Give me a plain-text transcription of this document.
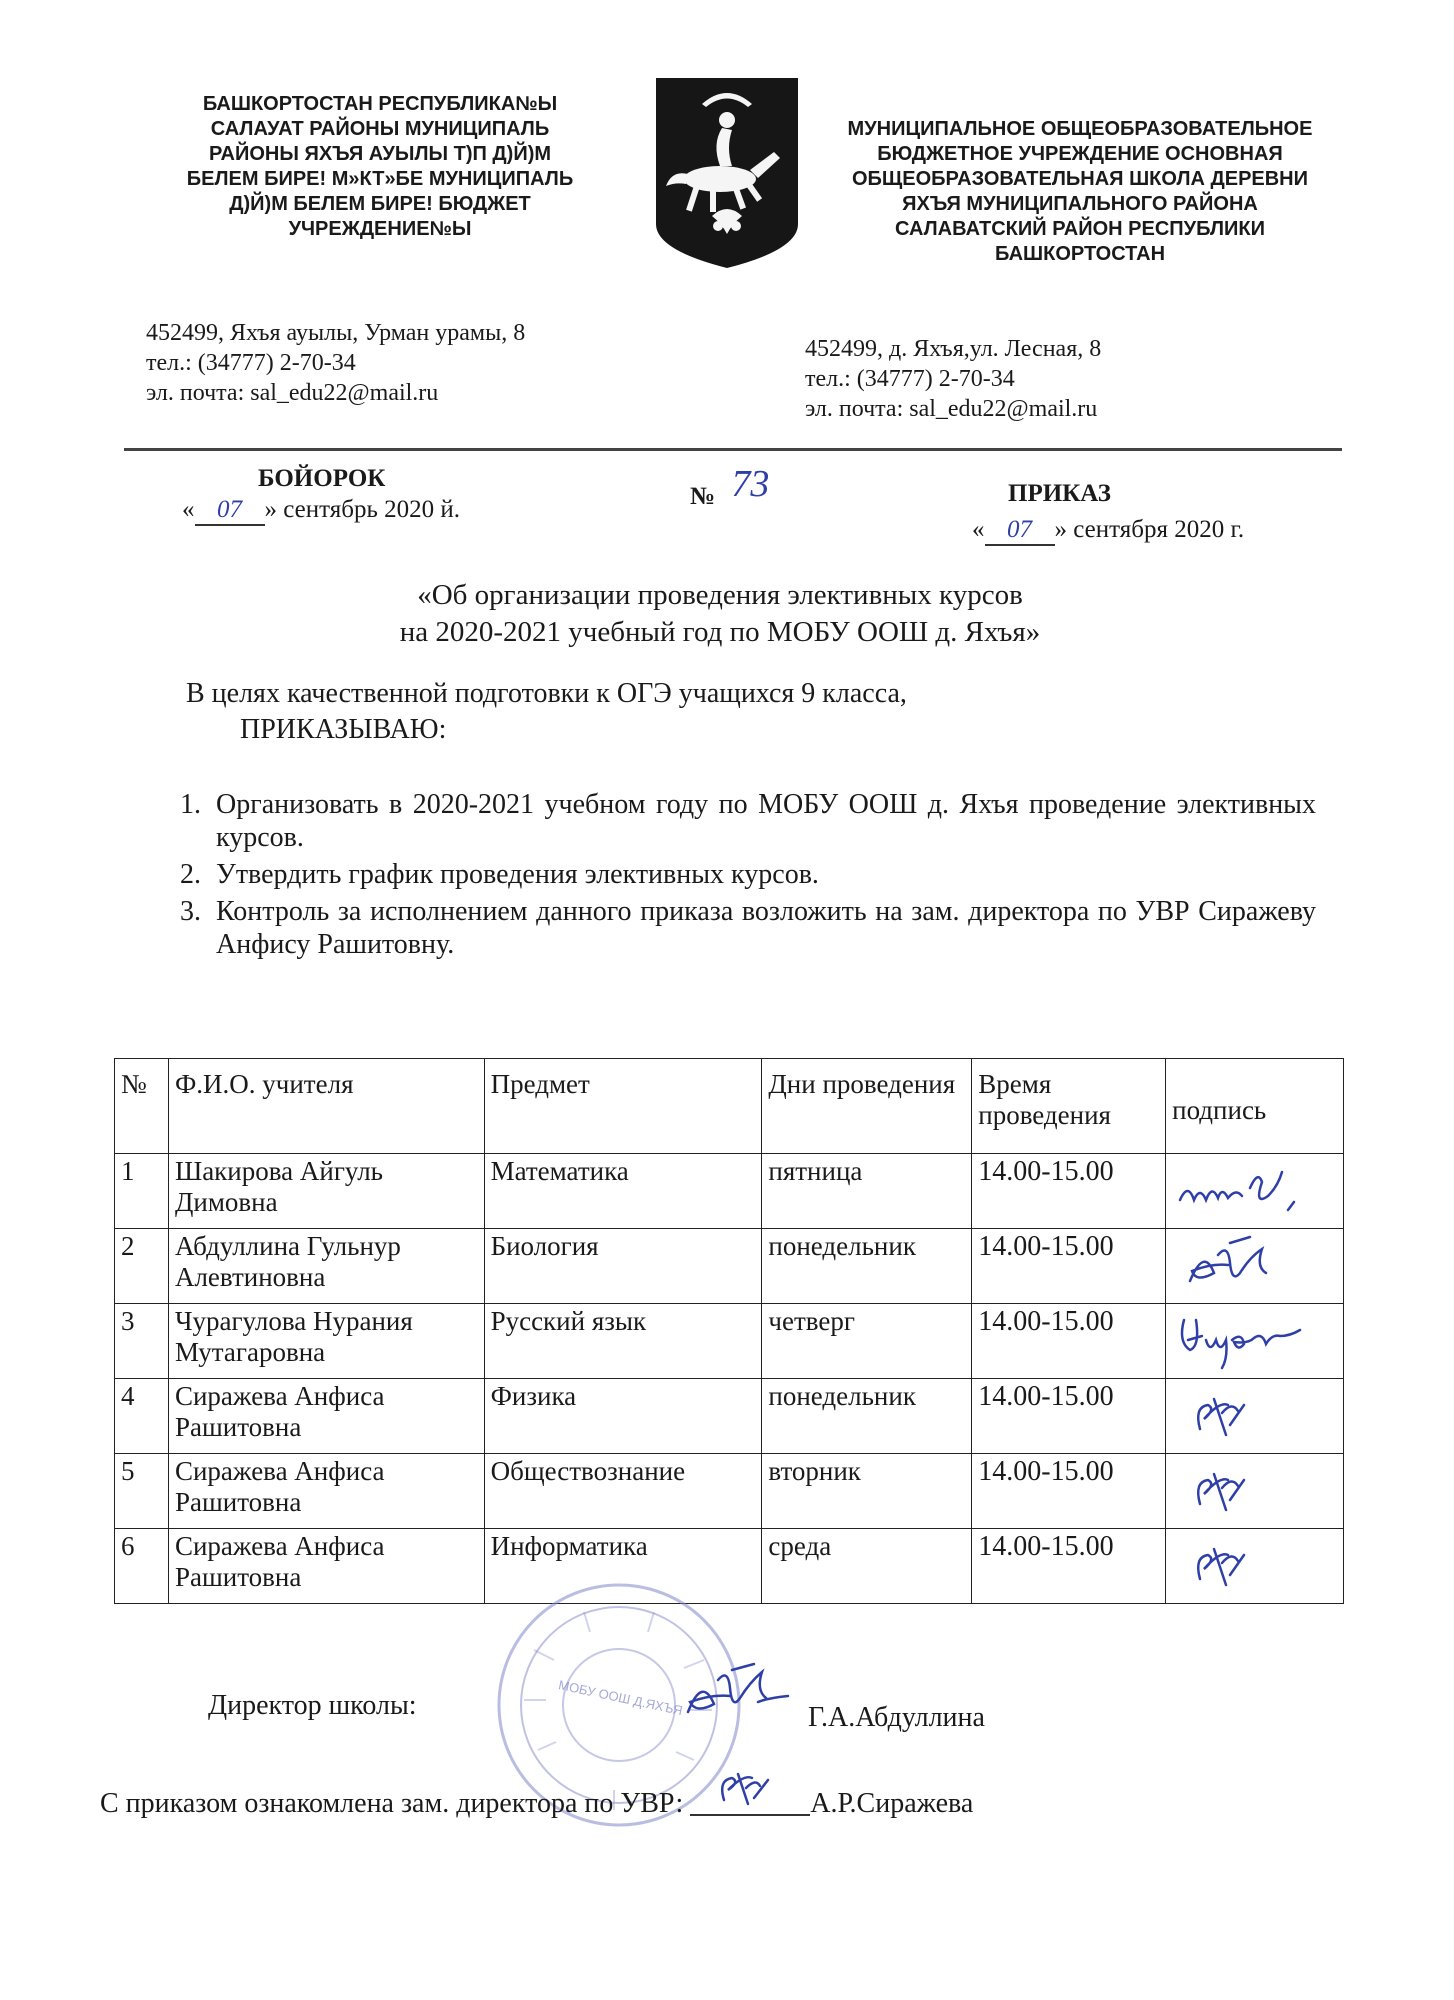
БАШКОРТОСТАН РЕСПУБЛИКА№Ы
САЛАУАТ РАЙОНЫ МУНИЦИПАЛЬ
РАЙОНЫ ЯХЪЯ АУЫЛЫ Т)П Д)Й)М
БЕЛЕМ БИРЕ! М»КТ»БЕ МУНИЦИПАЛЬ
Д)Й)М БЕЛЕМ БИРЕ! БЮДЖЕТ
УЧРЕЖДЕНИЕ№Ы
МУНИЦИПАЛЬНОЕ ОБЩЕОБРАЗОВАТЕЛЬНОЕ
БЮДЖЕТНОЕ УЧРЕЖДЕНИЕ ОСНОВНАЯ
ОБЩЕОБРАЗОВАТЕЛЬНАЯ ШКОЛА ДЕРЕВНИ
ЯХЪЯ МУНИЦИПАЛЬНОГО РАЙОНА
САЛАВАТСКИЙ РАЙОН РЕСПУБЛИКИ
БАШКОРТОСТАН
452499, Яхъя ауылы, Урман урамы, 8
тел.: (34777) 2-70-34
эл. почта: sal_edu22@mail.ru
452499, д. Яхъя,ул. Лесная, 8
тел.: (34777) 2-70-34
эл. почта: sal_edu22@mail.ru
БОЙОРОК
« 07 » сентябрь 2020 й.	№ 73	ПРИКАЗ
« 07 » сентября 2020 г.
«Об организации проведения элективных курсов
на 2020-2021 учебный год по МОБУ ООШ д. Яхъя»
В целях качественной подготовки к ОГЭ учащихся 9 класса,
ПРИКАЗЫВАЮ:
1. Организовать в 2020-2021 учебном году по МОБУ ООШ д. Яхъя проведение элективных курсов.
2. Утвердить график проведения элективных курсов.
3. Контроль за исполнением данного приказа возложить на зам. директора по УВР Сиражеву Анфису Рашитовну.
№	Ф.И.О. учителя	Предмет	Дни проведения	Время проведения	подпись
1	Шакирова Айгуль Димовна	Математика	пятница	14.00-15.00	

2	Абдуллина Гульнур Алевтиновна	Биология	понедельник	14.00-15.00	

3	Чурагулова Нурания Мутагаровна	Русский язык	четверг	14.00-15.00	

4	Сиражева Анфиса Рашитовна	Физика	понедельник	14.00-15.00	

5	Сиражева Анфиса Рашитовна	Обществознание	вторник	14.00-15.00	

6	Сиражева Анфиса Рашитовна	Информатика	среда	14.00-15.00	
МОБУ ООШ Д.ЯХЪЯ
Директор школы:	Г.А.Абдуллина
С приказом ознакомлена зам. директора по УВР:	А.Р.Сиражева
